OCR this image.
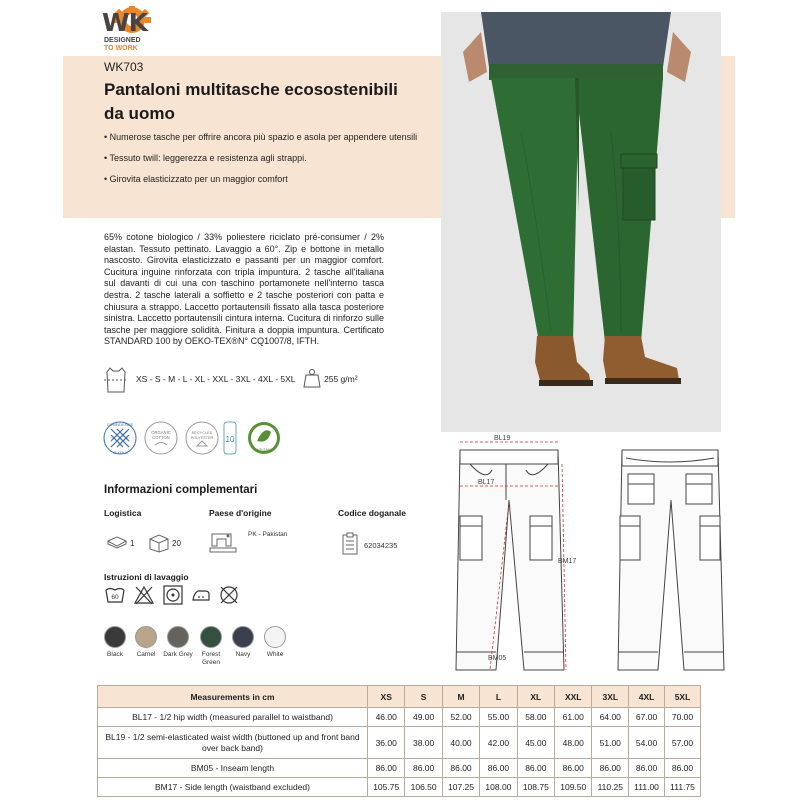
WK
DESIGNED
TO WORK
WK703
Pantaloni multitasche ecosostenibili da uomo
• Numerose tasche per offrire ancora più spazio e asola per appendere utensili
• Tessuto twill: leggerezza e resistenza agli strappi.
• Girovita elasticizzato per un maggior comfort
65% cotone biologico / 33% poliestere riciclato pré-consumer / 2% elastan. Tessuto pettinato. Lavaggio a 60°. Zip e bottone in metallo nascosto. Girovita elasticizzato e passanti per un maggior comfort. Cucitura inguine rinforzata con tripla impuntura. 2 tasche all'italiana sul davanti di cui una con taschino portamonete nell'interno tasca destra. 2 tasche laterali a soffietto e 2 tasche posteriori con patta e chiusura a strappo. Laccetto portautensili fissato alla tasca posteriore sinistra. Laccetto portautensili cintura interna. Cucitura di rinforzo sulle tasche per maggiore solidità. Finitura a doppia impuntura. Certificato STANDARD 100 by OEKO-TEX®N° CQ1007/8, IFTH.
XS - S - M - L - XL - XXL - 3XL - 4XL - 5XL	255 g/m²
CONFIDENCE
TEXTILE
ORGANIC
COTTON
RECYCLED
POLYESTER 10
VEGAN
Informazioni complementari
Logistica	Paese d'origine	Codice doganale
1	20
PK - Pakistan
62034235
Istruzioni di lavaggio
60
Black	Camel	Dark Grey	Forest Green
Navy	White
BL19
BL17
BM17
BM05
Measurements in cm	XS	S	M	L	XL	XXL	3XL	4XL	5XL
BL17 - 1/2 hip width (measured parallel to waistband)	46.00	49.00	52.00	55.00	58.00	61.00	64.00	67.00	70.00
BL19 - 1/2 semi-elasticated waist width (buttoned up and front band over back band)	36.00	38.00	40.00	42.00	45.00	48.00	51.00	54.00	57.00
BM05 - Inseam length	86.00	86.00	86.00	86.00	86.00	86.00	86.00	86.00	86.00
BM17 - Side length (waistband excluded)	105.75	106.50	107.25	108.00	108.75	109.50	110.25	111.00	111.75
